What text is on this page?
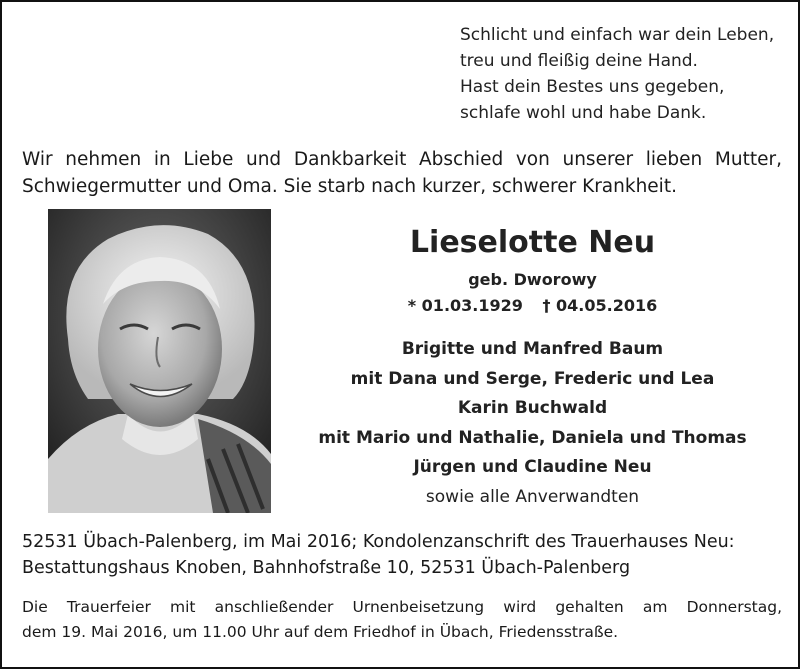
Schlicht und einfach war dein Leben,
treu und fleißig deine Hand.
Hast dein Bestes uns gegeben,
schlafe wohl und habe Dank.
Wir nehmen in Liebe und Dankbarkeit Abschied von unserer lieben Mutter,
Schwiegermutter und Oma. Sie starb nach kurzer, schwerer Krankheit.
Lieselotte Neu
geb. Dworowy
* 01.03.1929 † 04.05.2016
Brigitte und Manfred Baum
mit Dana und Serge, Frederic und Lea
Karin Buchwald
mit Mario und Nathalie, Daniela und Thomas
Jürgen und Claudine Neu
sowie alle Anverwandten
52531 Übach-Palenberg, im Mai 2016; Kondolenzanschrift des Trauerhauses Neu:
Bestattungshaus Knoben, Bahnhofstraße 10, 52531 Übach-Palenberg
Die Trauerfeier mit anschließender Urnenbeisetzung wird gehalten am Donnerstag,
dem 19. Mai 2016, um 11.00 Uhr auf dem Friedhof in Übach, Friedensstraße.
